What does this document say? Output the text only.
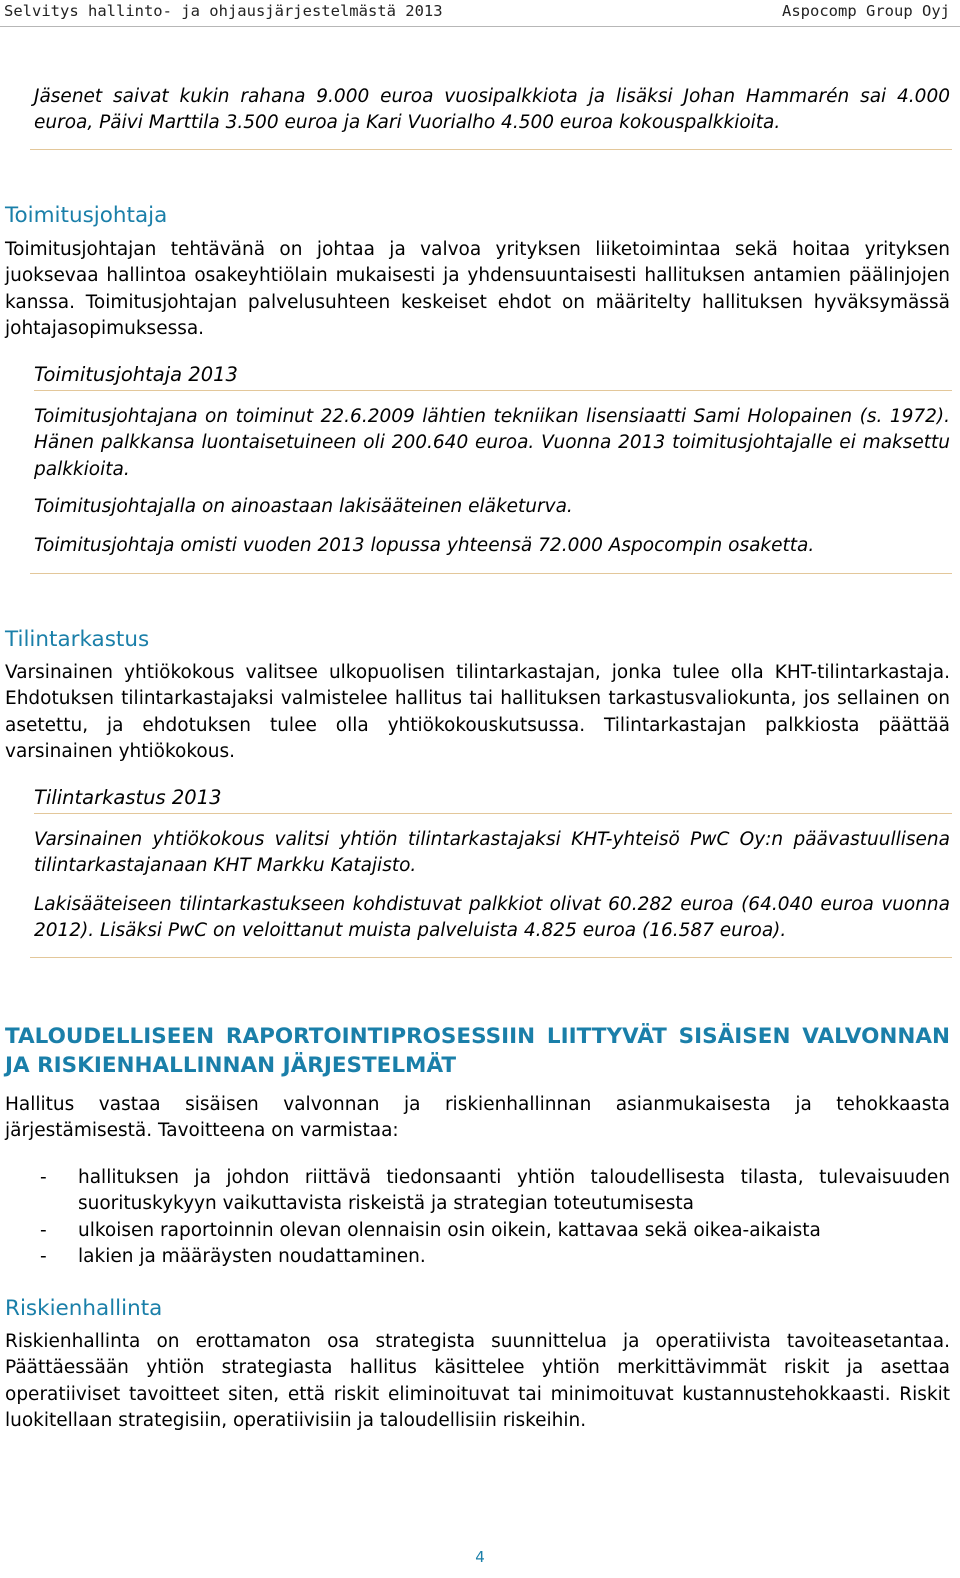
Selvitys hallinto- ja ohjausjärjestelmästä 2013	Aspocomp Group Oyj

Jäsenet saivat kukin rahana 9.000 euroa vuosipalkkiota ja lisäksi Johan Hammarén sai 4.000 euroa, Päivi Marttila 3.500 euroa ja Kari Vuorialho 4.500 euroa kokouspalkkioita.

Toimitusjohtaja

Toimitusjohtajan tehtävänä on johtaa ja valvoa yrityksen liiketoimintaa sekä hoitaa yrityksen juoksevaa hallintoa osakeyhtiölain mukaisesti ja yhdensuuntaisesti hallituksen antamien päälinjojen kanssa. Toimitusjohtajan palvelusuhteen keskeiset ehdot on määritelty hallituksen hyväksymässä johtajasopimuksessa.

Toimitusjohtaja 2013

Toimitusjohtajana on toiminut 22.6.2009 lähtien tekniikan lisensiaatti Sami Holopainen (s. 1972). Hänen palkkansa luontaisetuineen oli 200.640 euroa. Vuonna 2013 toimitusjohtajalle ei maksettu palkkioita.

Toimitusjohtajalla on ainoastaan lakisääteinen eläketurva.

Toimitusjohtaja omisti vuoden 2013 lopussa yhteensä 72.000 Aspocompin osaketta.

Tilintarkastus

Varsinainen yhtiökokous valitsee ulkopuolisen tilintarkastajan, jonka tulee olla KHT-tilintarkastaja. Ehdotuksen tilintarkastajaksi valmistelee hallitus tai hallituksen tarkastusvaliokunta, jos sellainen on asetettu, ja ehdotuksen tulee olla yhtiökokouskutsussa. Tilintarkastajan palkkiosta päättää varsinainen yhtiökokous.

Tilintarkastus 2013

Varsinainen yhtiökokous valitsi yhtiön tilintarkastajaksi KHT-yhteisö PwC Oy:n päävastuullisena tilintarkastajanaan KHT Markku Katajisto.

Lakisääteiseen tilintarkastukseen kohdistuvat palkkiot olivat 60.282 euroa (64.040 euroa vuonna 2012). Lisäksi PwC on veloittanut muista palveluista 4.825 euroa (16.587 euroa).

TALOUDELLISEEN RAPORTOINTIPROSESSIIN LIITTYVÄT SISÄISEN VALVONNAN JA RISKIENHALLINNAN JÄRJESTELMÄT

Hallitus vastaa sisäisen valvonnan ja riskienhallinnan asianmukaisesta ja tehokkaasta järjestämisestä. Tavoitteena on varmistaa:

- hallituksen ja johdon riittävä tiedonsaanti yhtiön taloudellisesta tilasta, tulevaisuuden suorituskykyyn vaikuttavista riskeistä ja strategian toteutumisesta
- ulkoisen raportoinnin olevan olennaisin osin oikein, kattavaa sekä oikea-aikaista
- lakien ja määräysten noudattaminen.
Riskienhallinta

Riskienhallinta on erottamaton osa strategista suunnittelua ja operatiivista tavoiteasetantaa. Päättäessään yhtiön strategiasta hallitus käsittelee yhtiön merkittävimmät riskit ja asettaa operatiiviset tavoitteet siten, että riskit eliminoituvat tai minimoituvat kustannustehokkaasti. Riskit luokitellaan strategisiin, operatiivisiin ja taloudellisiin riskeihin.

4
